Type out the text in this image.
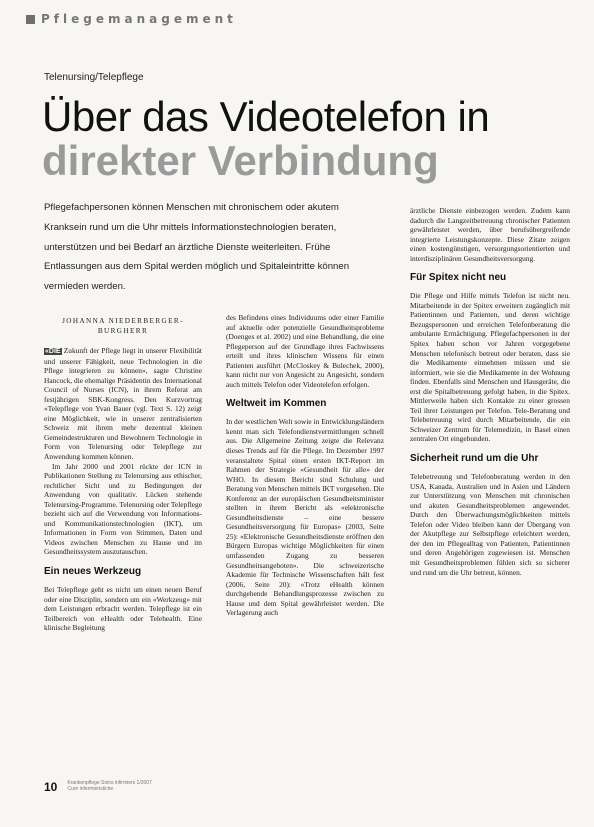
Pflegemanagement
Telenursing/Telepflege
Über das Videotelefon in
direkter Verbindung
Pflegefachpersonen können Menschen mit chronischem oder akutem Kranksein rund um die Uhr mittels Informationstechnologien beraten, unterstützen und bei Bedarf an ärztliche Dienste weiterleiten. Frühe Entlassungen aus dem Spital werden möglich und Spitaleintritte können vermieden werden.
JOHANNA NIEDERBERGER-BURGHERR

«DIE Zukunft der Pflege liegt in unserer Flexibilität und unserer Fähigkeit, neue Technologien in die Pflege integrieren zu können», sagte Christine Hancock, die ehemalige Präsidentin des International Council of Nurses (ICN), in ihrem Referat am festjährigen SBK-Kongress. Den Kurzvortrag «Telepflege von Yvan Bauer (vgl. Text S. 12) zeigt eine Möglichkeit, wie in unserer zentralisierten Schweiz mit ihrem mehr dezentral kleinen Gemeindestrukturen und Bewohnern Technologie in Form von Telenursing oder Telepflege zur Anwendung kommen können.

Im Jahr 2000 und 2001 rückte der ICN in Publikationen Stellung zu Telenursing aus ethischer, rechtlicher Sicht und zu Bedingungen der Anwendung von qualitativ. Lücken stehende Telenursing-Programme. Telenursing oder Telepflege bezieht sich auf die Verwendung von Informations- und Kommunikationstechnologien (IKT), um Informationen in Form von Stimmen, Daten und Videos zwischen Menschen zu Hause und im Gesundheitssystem auszutauschen.

Ein neues Werkzeug

Bei Telepflege geht es nicht um einen neuen Beruf oder eine Disziplin, sondern um ein «Werkzeug» mit dem Leistungen erbracht werden. Telepflege ist ein Teilbereich von eHealth oder Telehealth. Eine klinische Begleitung

des Befindens eines Individuums oder einer Familie auf aktuelle oder potenzielle Gesundheitsprobleme (Doenges et al. 2002) und eine Behandlung, die eine Pflegeperson auf der Grundlage ihres Fachwissens erteilt und ihres klinischen Wissens für einen Patienten ausführt (McCloskey & Bulechek, 2000), kann nicht nur von Angesicht zu Angesicht, sondern auch mittels Telefon oder Videotelefon erfolgen.

Weltweit im Kommen

In der westlichen Welt sowie in Entwicklungsländern kennt man sich Telefondienstvermittlungen schnell aus. Die Allgemeine Zeitung zeigte die Relevanz dieses Trends auf für die Pflege. Im Dezember 1997 veranstaltete Spital einen ersten IKT-Report im Rahmen der Strategie «Gesundheit für alle» der WHO. In diesem Bericht sind Schulung und Beratung von Menschen mittels IKT vorgesehen. Die Konferenz an der europäischen Gesundheitsminister stellten in ihrem Bericht als «elektronische Gesundheitsdienste – eine bessere Gesundheitsversorgung für Europas» (2003, Seite 25): «Elektronische Gesundheitsdienste eröffnen den Bürgern Europas wichtige Möglichkeiten für einen umfassenden Zugang zu besseren Gesundheitsangeboten». Die schweizerische Akademie für Technische Wissenschaften hält fest (2006, Seite 20): «Trotz eHealth können durchgehende Behandlungsprozesse zwischen zu Hause und dem Spital gewährleistet werden. Die Verlagerung auch

ärztliche Dienste einbezogen werden. Zudem kann dadurch die Langzeitbetreuung chronischer Patienten gewährleistet werden, über berufsübergreifende integrierte Leistungskonzepte. Diese Zitate zeigen einen kostengünstigen, versorgungsorientierten und interdisziplinären Gesundheitsversorgung.

Für Spitex nicht neu

Die Pflege und Hilfe mittels Telefon ist nicht neu. Mitarbeitende in der Spitex erweitern zugänglich mit Patientinnen und Patienten, und deren wichtige Bezugspersonen und erreichen Telefonberatung die ambulante Ermächtigung. Pflegefachpersonen in der Spitex haben schon vor Jahren vorgegebene Menschen telefonisch betreut oder beraten, dass sie die Medikamente einnehmen müssen und sie informiert, wie sie die Medikamente in der Wohnung finden. Ebenfalls sind Menschen und Hausgeräte, die erst die Spitalbetreuung gefolgt haben, in die Spitex. Mittlerweile haben sich Kontakte zu einer grossen Teil ihrer Leistungen per Telefon. Tele-Beratung und Telebetreuung wird durch Mitarbeitende, die ein Schweizer Zentrum für Telemedizin, in Basel einen zentralen Ort eingebunden.

Sicherheit rund um die Uhr

Telebetreuung und Telefonberatung werden in den USA, Kanada, Australien und in Asien und Ländern zur Unterstützung von Menschen mit chronischen und akuten Gesundheitsproblemen angewendet. Durch den Überwachungsmöglichkeiten mittels Telefon oder Video bleiben kann der Übergang von der Akutpflege zur Selbstpflege erleichtert werden, der den im Pflegealltag von Patienten, Patientinnen und deren Angehörigen zugewiesen ist. Menschen mit Gesundheitsproblemen fühlen sich so sicherer und rund um die Uhr betreut, können.

10 Krankenpflege Soins infirmiers 1/2007
Cure infermieristiche
